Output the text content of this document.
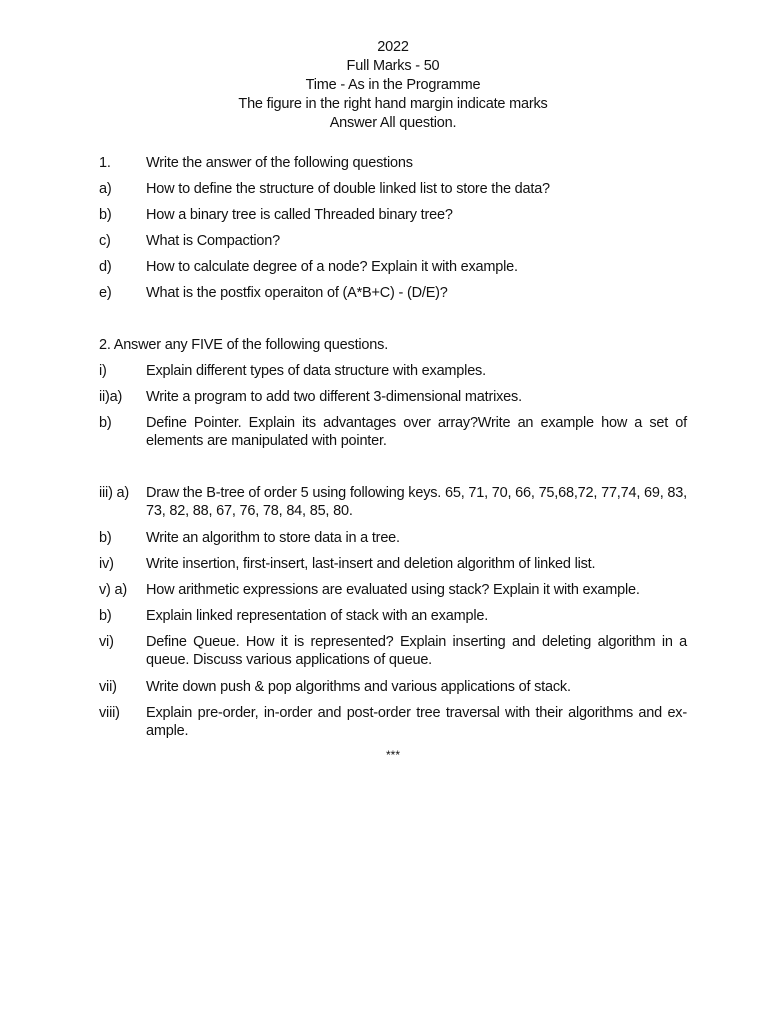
2022
Full Marks - 50
Time - As in the Programme
The figure in the right hand margin indicate marks
Answer All question.
1. Write the answer of the following questions
a) How to define the structure of double linked list to store the data?
b) How a binary tree is called Threaded binary tree?
c) What is Compaction?
d) How to calculate degree of a node? Explain it with example.
e) What is the postfix operaiton of (A*B+C) - (D/E)?
2. Answer any FIVE of the following questions.
i)	Explain different types of data structure with examples.
ii)a) Write a program to add two different 3-dimensional matrixes.
b) Define Pointer. Explain its advantages over array?Write an example how a set of elements are manipulated with pointer.
iii) a) Draw the B-tree of order 5 using following keys. 65, 71, 70, 66, 75,68,72, 77,74, 69, 83, 73, 82, 88, 67, 76, 78, 84, 85, 80.
b) Write an algorithm to store data in a tree.
iv) Write insertion, first-insert, last-insert and deletion algorithm of linked list.
v) a) How arithmetic expressions are evaluated using stack? Explain it with example.
b) Explain linked representation of stack with an example.
vi) Define Queue. How it is represented? Explain inserting and deleting algorithm in a queue. Discuss various applications of queue.
vii) Write down push & pop algorithms and various applications of stack.
viii) Explain pre-order, in-order and post-order tree traversal with their algorithms and ex-ample.
***
